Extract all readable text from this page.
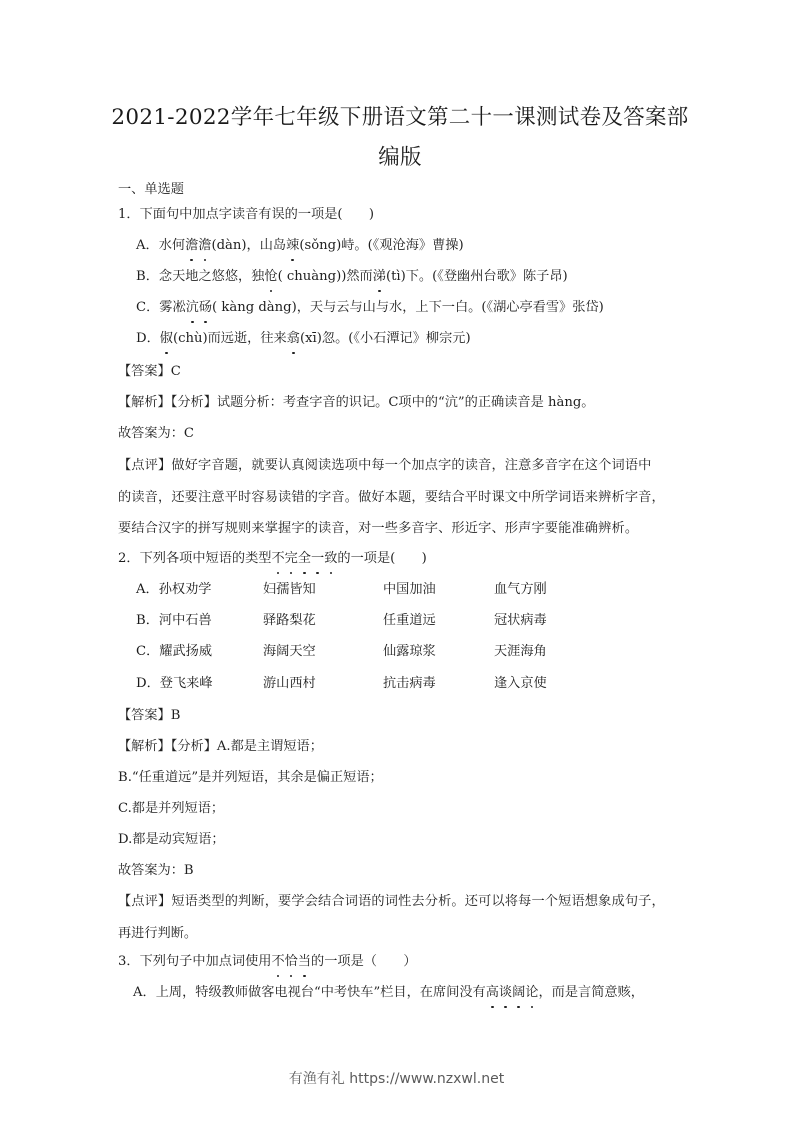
2021-2022学年七年级下册语文第二十一课测试卷及答案部
编版
一、单选题
1．下面句中加点字读音有误的一项是(　　)
A．水何澹澹(dàn)，山岛竦(sǒng)峙。(《观沧海》曹操)
B．念天地之悠悠，独怆( chuàng))然而涕(tì)下。(《登幽州台歌》陈子昂)
C．雾凇沆砀( kàng dàng)，天与云与山与水，上下一白。(《湖心亭看雪》张岱)
D．俶(chù)而远逝，往来翕(xī)忽。(《小石潭记》柳宗元)
【答案】C
【解析】【分析】试题分析：考查字音的识记。C项中的“沆”的正确读音是 hàng。
故答案为：C
【点评】做好字音题，就要认真阅读选项中每一个加点字的读音，注意多音字在这个词语中
的读音，还要注意平时容易读错的字音。做好本题，要结合平时课文中所学词语来辨析字音，
要结合汉字的拼写规则来掌握字的读音，对一些多音字、形近字、形声字要能准确辨析。
2．下列各项中短语的类型不完全一致的一项是(　　)
A．孙权劝学	妇孺皆知	中国加油	血气方刚
B．河中石兽	驿路梨花	任重道远	冠状病毒
C．耀武扬威	海阔天空	仙露琼浆	天涯海角
D．登飞来峰	游山西村	抗击病毒	逢入京使
【答案】B
【解析】【分析】A.都是主谓短语；
B.“任重道远”是并列短语，其余是偏正短语；
C.都是并列短语；
D.都是动宾短语；
故答案为：B
【点评】短语类型的判断，要学会结合词语的词性去分析。还可以将每一个短语想象成句子，
再进行判断。
3．下列句子中加点词使用不恰当的一项是（　　）
A．上周，特级教师做客电视台“中考快车”栏目，在席间没有高谈阔论，而是言简意赅，
有渔有礼 https://www.nzxwl.net
